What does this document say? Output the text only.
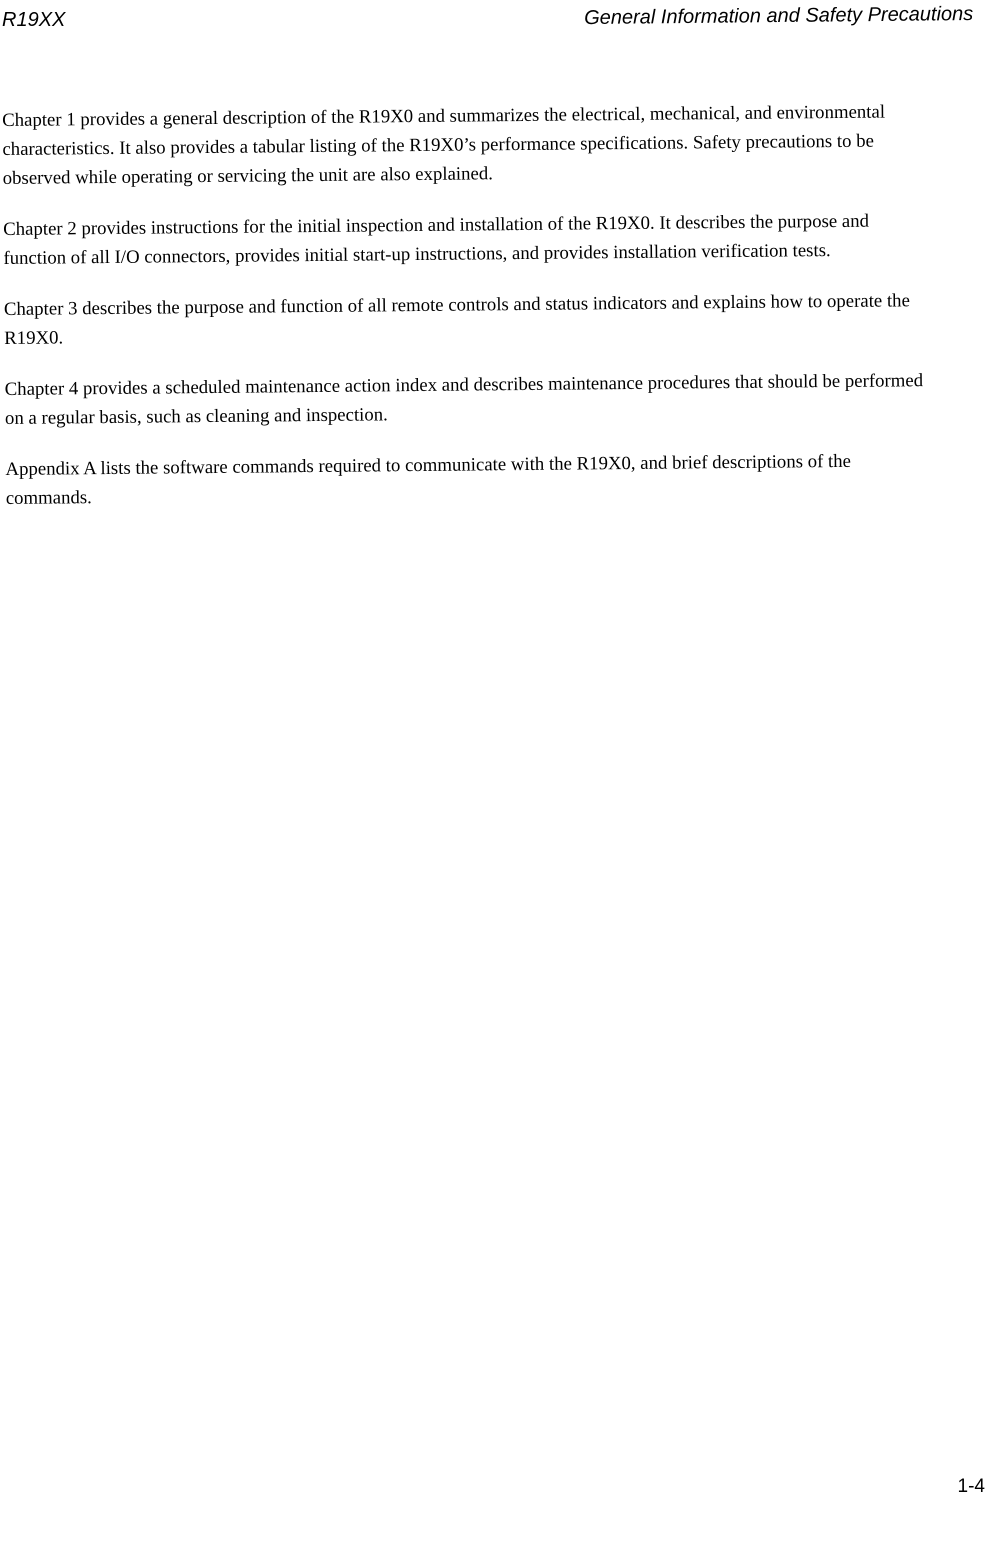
R19XX	General Information and Safety Precautions

Chapter 1 provides a general description of the R19X0 and summarizes the electrical, mechanical, and environmental characteristics. It also provides a tabular listing of the R19X0’s performance specifications. Safety precautions to be observed while operating or servicing the unit are also explained.

Chapter 2 provides instructions for the initial inspection and installation of the R19X0. It describes the purpose and function of all I/O connectors, provides initial start-up instructions, and provides installation verification tests.

Chapter 3 describes the purpose and function of all remote controls and status indicators and explains how to operate the R19X0.

Chapter 4 provides a scheduled maintenance action index and describes maintenance procedures that should be performed on a regular basis, such as cleaning and inspection.

Appendix A lists the software commands required to communicate with the R19X0, and brief descriptions of the commands.

1-4
